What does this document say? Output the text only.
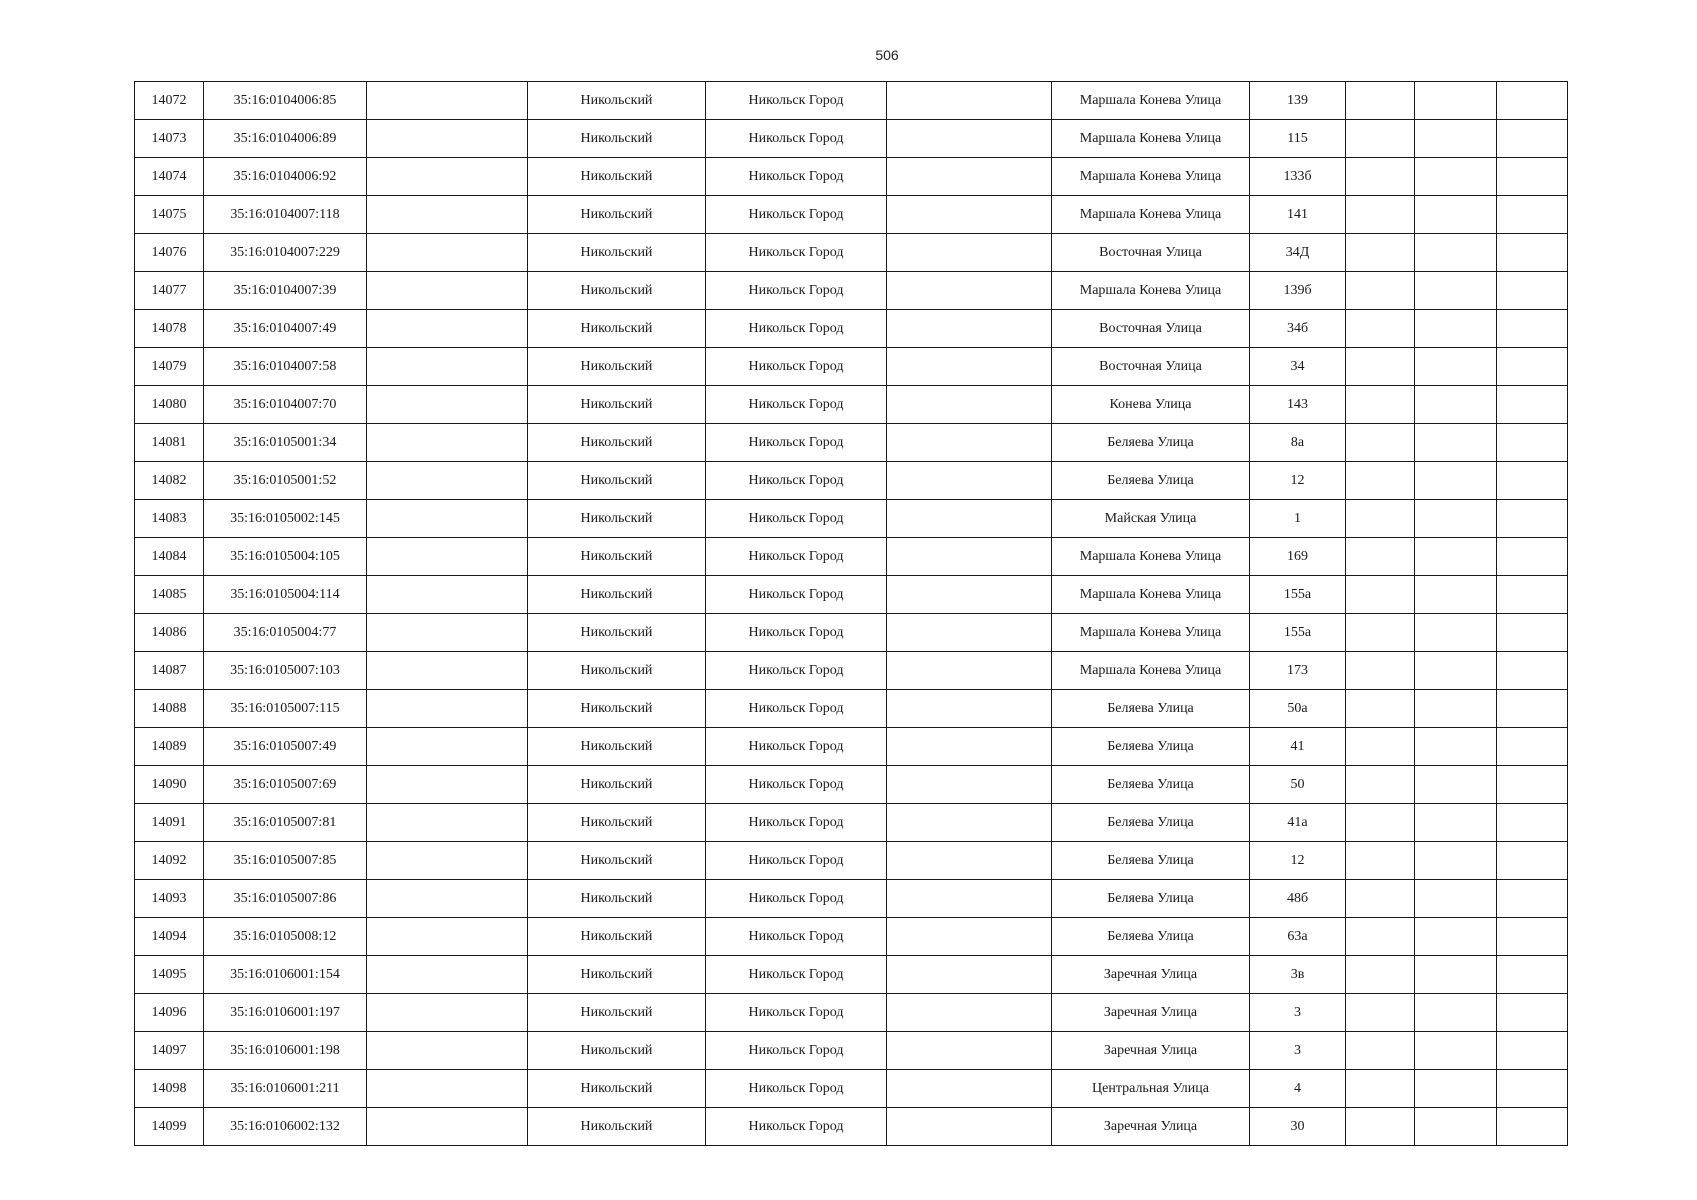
506
14072	35:16:0104006:85		Никольский	Никольск Город		Маршала Конева Улица	139			
14073	35:16:0104006:89		Никольский	Никольск Город		Маршала Конева Улица	115			
14074	35:16:0104006:92		Никольский	Никольск Город		Маршала Конева Улица	133б			
14075	35:16:0104007:118		Никольский	Никольск Город		Маршала Конева Улица	141			
14076	35:16:0104007:229		Никольский	Никольск Город		Восточная Улица	34Д			
14077	35:16:0104007:39		Никольский	Никольск Город		Маршала Конева Улица	139б			
14078	35:16:0104007:49		Никольский	Никольск Город		Восточная Улица	34б			
14079	35:16:0104007:58		Никольский	Никольск Город		Восточная Улица	34			
14080	35:16:0104007:70		Никольский	Никольск Город		Конева Улица	143			
14081	35:16:0105001:34		Никольский	Никольск Город		Беляева Улица	8а			
14082	35:16:0105001:52		Никольский	Никольск Город		Беляева Улица	12			
14083	35:16:0105002:145		Никольский	Никольск Город		Майская Улица	1			
14084	35:16:0105004:105		Никольский	Никольск Город		Маршала Конева Улица	169			
14085	35:16:0105004:114		Никольский	Никольск Город		Маршала Конева Улица	155а			
14086	35:16:0105004:77		Никольский	Никольск Город		Маршала Конева Улица	155а			
14087	35:16:0105007:103		Никольский	Никольск Город		Маршала Конева Улица	173			
14088	35:16:0105007:115		Никольский	Никольск Город		Беляева Улица	50а			
14089	35:16:0105007:49		Никольский	Никольск Город		Беляева Улица	41			
14090	35:16:0105007:69		Никольский	Никольск Город		Беляева Улица	50			
14091	35:16:0105007:81		Никольский	Никольск Город		Беляева Улица	41а			
14092	35:16:0105007:85		Никольский	Никольск Город		Беляева Улица	12			
14093	35:16:0105007:86		Никольский	Никольск Город		Беляева Улица	48б			
14094	35:16:0105008:12		Никольский	Никольск Город		Беляева Улица	63а			
14095	35:16:0106001:154		Никольский	Никольск Город		Заречная Улица	3в			
14096	35:16:0106001:197		Никольский	Никольск Город		Заречная Улица	3			
14097	35:16:0106001:198		Никольский	Никольск Город		Заречная Улица	3			
14098	35:16:0106001:211		Никольский	Никольск Город		Центральная Улица	4			
14099	35:16:0106002:132		Никольский	Никольск Город		Заречная Улица	30			
